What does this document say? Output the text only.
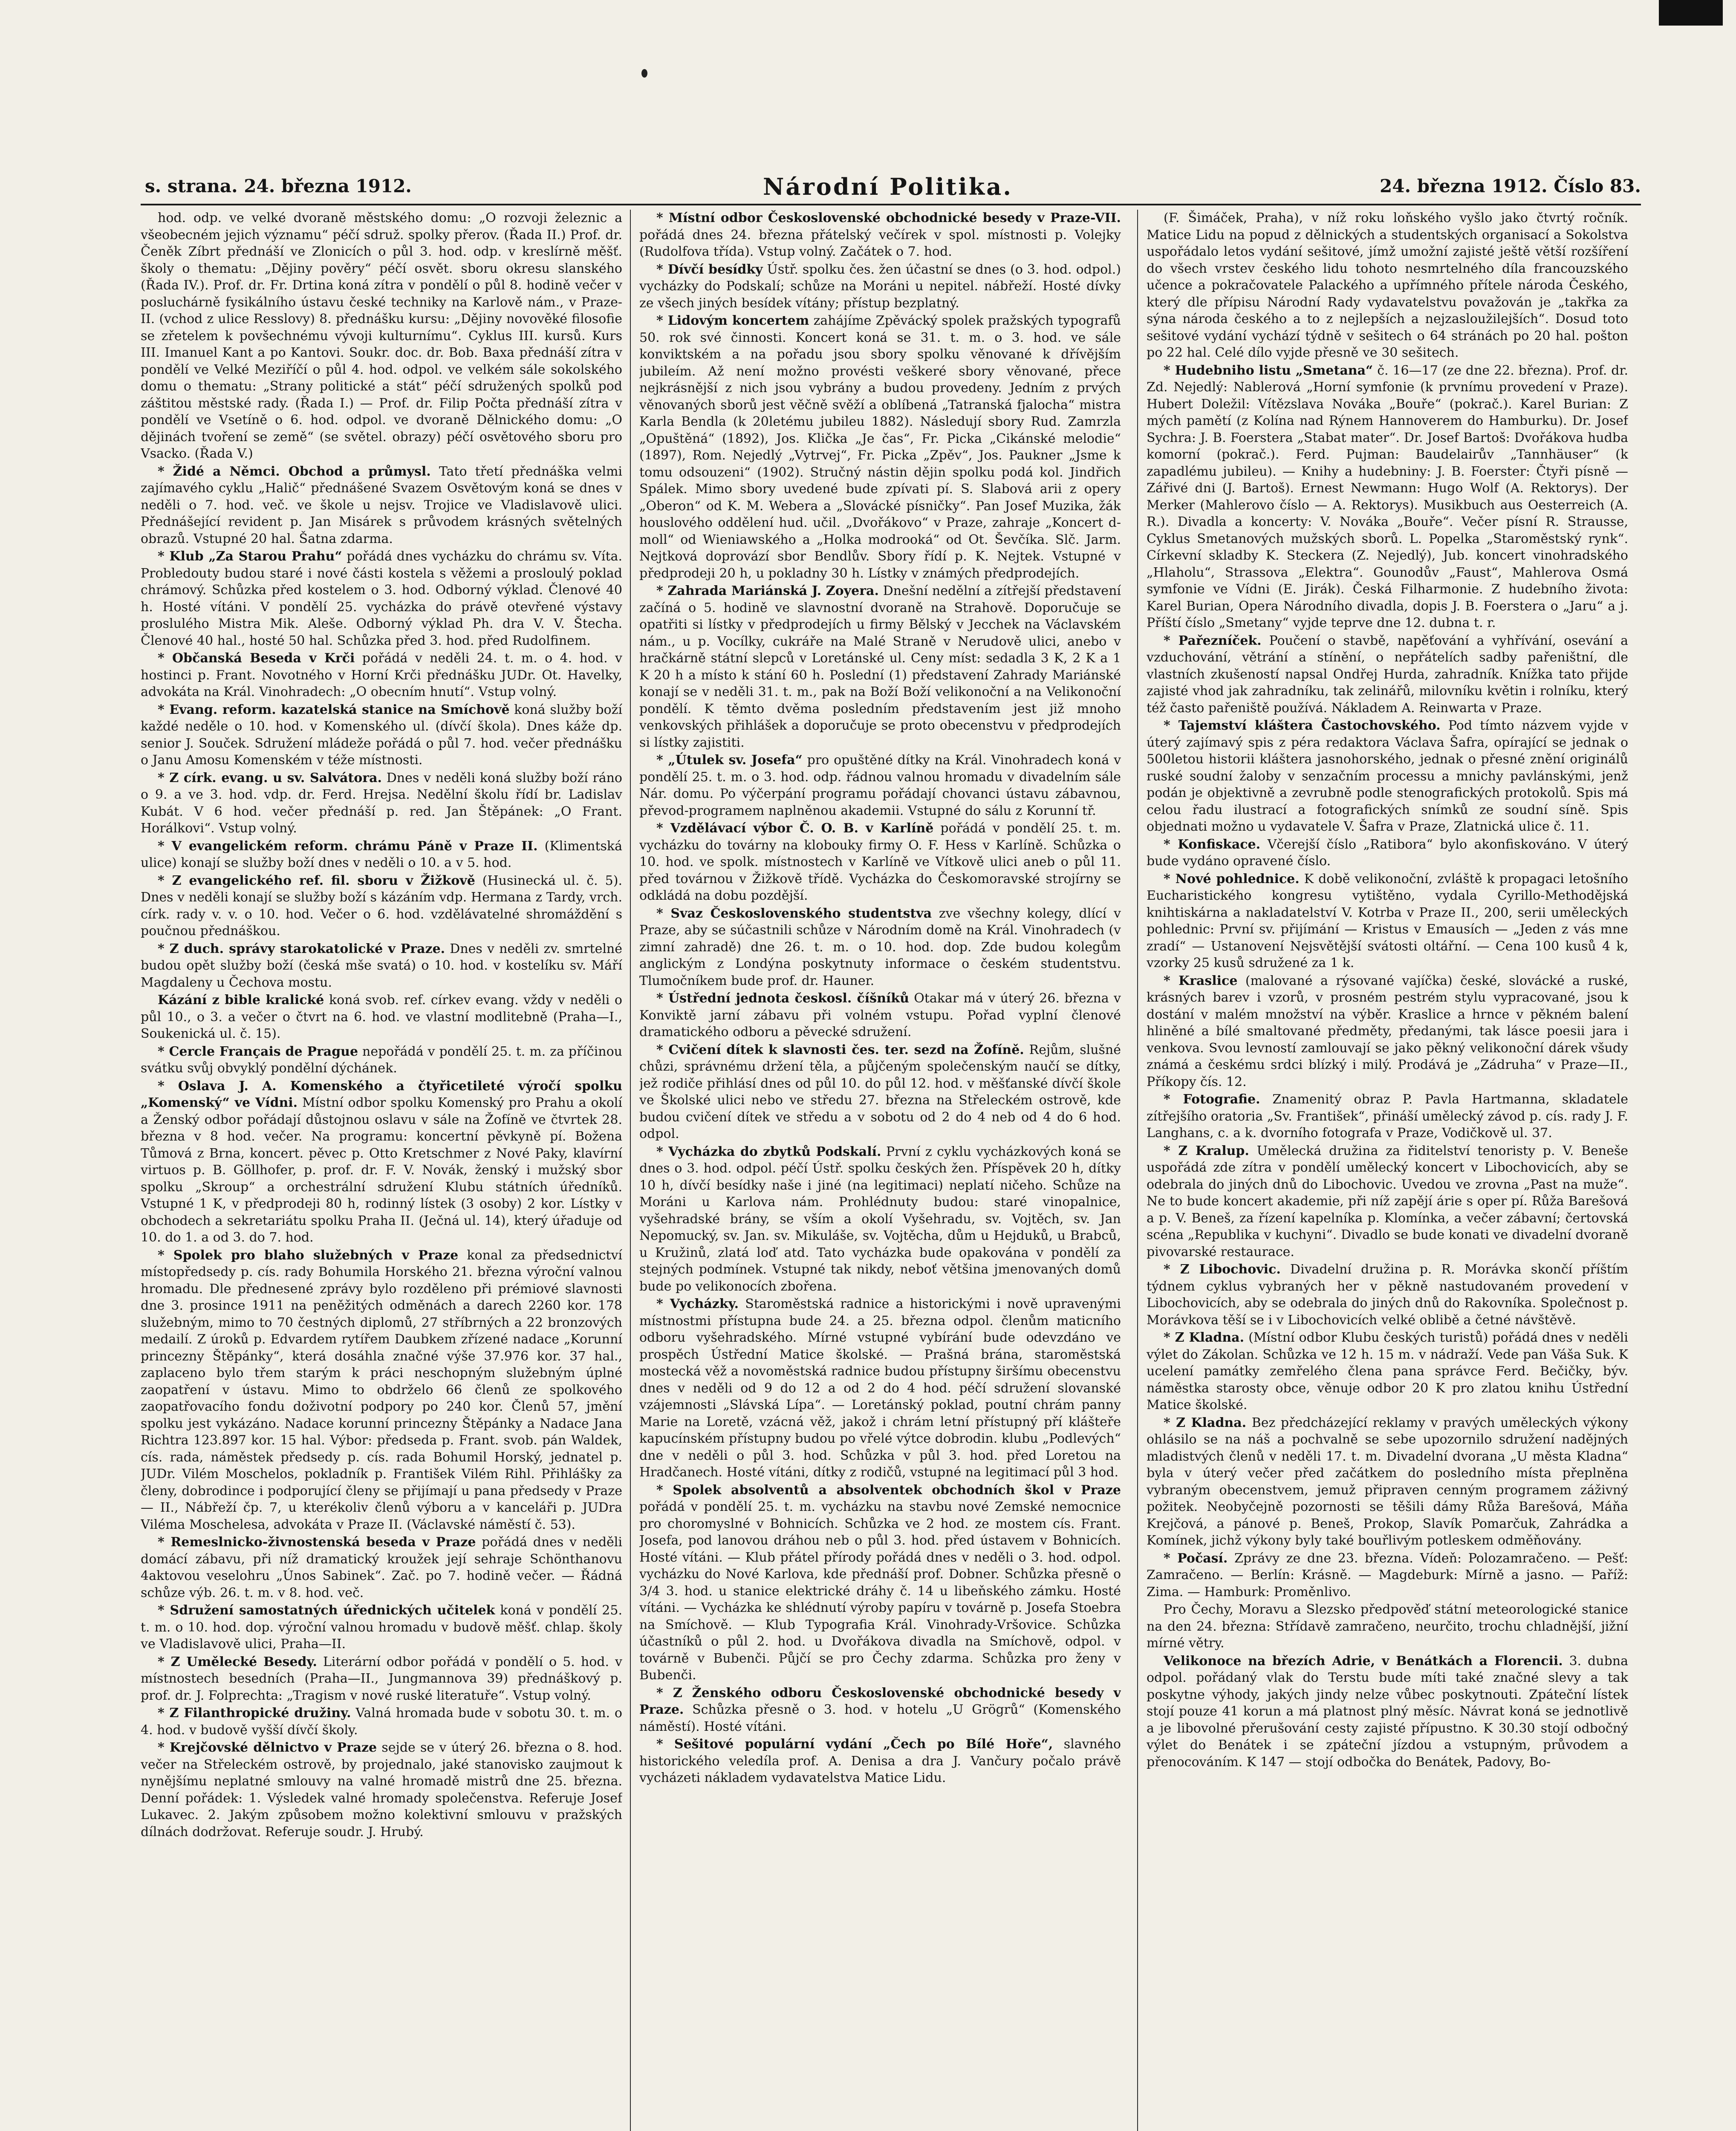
s. strana. 24. března 1912.	Národní Politika.	24. března 1912. Číslo 83.

hod. odp. ve velké dvoraně městského domu: „O rozvoji železnic a všeobecném jejich významu“ péčí sdruž. spolky přerov. (Řada II.) Prof. dr. Čeněk Zíbrt přednáší ve Zlonicích o půl 3. hod. odp. v kreslírně měšť. školy o thematu: „Dějiny pověry“ péčí osvět. sboru okresu slanského (Řada IV.). Prof. dr. Fr. Drtina koná zítra v pondělí o půl 8. hodině večer v posluchárně fysikálního ústavu české techniky na Karlově nám., v Praze-II. (vchod z ulice Resslovy) 8. přednášku kursu: „Dějiny novověké filosofie se zřetelem k povšechnému vývoji kulturnímu“. Cyklus III. kursů. Kurs III. Imanuel Kant a po Kantovi. Soukr. doc. dr. Bob. Baxa přednáší zítra v pondělí ve Velké Meziříčí o půl 4. hod. odpol. ve velkém sále sokolského domu o thematu: „Strany politické a stát“ péčí sdružených spolků pod záštitou městské rady. (Řada I.) — Prof. dr. Filip Počta přednáší zítra v pondělí ve Vsetíně o 6. hod. odpol. ve dvoraně Dělnického domu: „O dějinách tvoření se země“ (se světel. obrazy) péčí osvětového sboru pro Vsacko. (Řada V.)

* Židé a Němci. Obchod a průmysl. Tato třetí přednáška velmi zajímavého cyklu „Halič“ přednášené Svazem Osvětovým koná se dnes v neděli o 7. hod. več. ve škole u nejsv. Trojice ve Vladislavově ulici. Přednášející revident p. Jan Misárek s průvodem krásných světelných obrazů. Vstupné 20 hal. Šatna zdarma.

* Klub „Za Starou Prahu“ pořádá dnes vycházku do chrámu sv. Víta. Probledouty budou staré i nové části kostela s věžemi a prosloulý poklad chrámový. Schůzka před kostelem o 3. hod. Odborný výklad. Členové 40 h. Hosté vítáni. V pondělí 25. vycházka do právě otevřené výstavy proslulého Mistra Mik. Aleše. Odborný výklad Ph. dra V. V. Štecha. Členové 40 hal., hosté 50 hal. Schůzka před 3. hod. před Rudolfinem.

* Občanská Beseda v Krči pořádá v neděli 24. t. m. o 4. hod. v hostinci p. Frant. Novotného v Horní Krči přednášku JUDr. Ot. Havelky, advokáta na Král. Vinohradech: „O obecním hnutí“. Vstup volný.

* Evang. reform. kazatelská stanice na Smíchově koná služby boží každé neděle o 10. hod. v Komenského ul. (dívčí škola). Dnes káže dp. senior J. Souček. Sdružení mládeže pořádá o půl 7. hod. večer přednášku o Janu Amosu Komenském v téže místnosti.

* Z círk. evang. u sv. Salvátora. Dnes v neděli koná služby boží ráno o 9. a ve 3. hod. vdp. dr. Ferd. Hrejsa. Nedělní školu řídí br. Ladislav Kubát. V 6 hod. večer přednáší p. red. Jan Štěpánek: „O Frant. Horálkovi“. Vstup volný.

* V evangelickém reform. chrámu Páně v Praze II. (Klimentská ulice) konají se služby boží dnes v neděli o 10. a v 5. hod.

* Z evangelického ref. fil. sboru v Žižkově (Husinecká ul. č. 5). Dnes v neděli konají se služby boží s kázáním vdp. Hermana z Tardy, vrch. círk. rady v. v. o 10. hod. Večer o 6. hod. vzdělávatelné shromáždění s poučnou přednáškou.

* Z duch. správy starokatolické v Praze. Dnes v neděli zv. smrtelné budou opět služby boží (česká mše svatá) o 10. hod. v kostelíku sv. Máří Magdaleny u Čechova mostu.

Kázání z bible kralické koná svob. ref. církev evang. vždy v neděli o půl 10., o 3. a večer o čtvrt na 6. hod. ve vlastní modlitebně (Praha—I., Soukenická ul. č. 15).

* Cercle Français de Prague nepořádá v pondělí 25. t. m. za příčinou svátku svůj obvyklý pondělní dýchánek.

* Oslava J. A. Komenského a čtyřicetileté výročí spolku „Komenský“ ve Vídni. Místní odbor spolku Komenský pro Prahu a okolí a Ženský odbor pořádají důstojnou oslavu v sále na Žofíně ve čtvrtek 28. března v 8 hod. večer. Na programu: koncertní pěvkyně pí. Božena Tůmová z Brna, koncert. pěvec p. Otto Kretschmer z Nové Paky, klavírní virtuos p. B. Göllhofer, p. prof. dr. F. V. Novák, ženský i mužský sbor spolku „Skroup“ a orchestrální sdružení Klubu státních úředníků. Vstupné 1 K, v předprodeji 80 h, rodinný lístek (3 osoby) 2 kor. Lístky v obchodech a sekretariátu spolku Praha II. (Ječná ul. 14), který úřaduje od 10. do 1. a od 3. do 7. hod.

* Spolek pro blaho služebných v Praze konal za předsednictví místopředsedy p. cís. rady Bohumila Horského 21. března výroční valnou hromadu. Dle přednesené zprávy bylo rozděleno při prémiové slavnosti dne 3. prosince 1911 na peněžitých odměnách a darech 2260 kor. 178 služebným, mimo to 70 čestných diplomů, 27 stříbrných a 22 bronzových medailí. Z úroků p. Edvardem rytířem Daubkem zřízené nadace „Korunní princezny Štěpánky“, která dosáhla značné výše 37.976 kor. 37 hal., zaplaceno bylo třem starým k práci neschopným služebným úplné zaopatření v ústavu. Mimo to obdrželo 66 členů ze spolkového zaopatřovacího fondu doživotní podpory po 240 kor. Členů 57, jmění spolku jest vykázáno. Nadace korunní princezny Štěpánky a Nadace Jana Richtra 123.897 kor. 15 hal. Výbor: předseda p. Frant. svob. pán Waldek, cís. rada, náměstek předsedy p. cís. rada Bohumil Horský, jednatel p. JUDr. Vilém Moschelos, pokladník p. František Vilém Rihl. Přihlášky za členy, dobrodince i podporující členy se přijímají u pana předsedy v Praze — II., Nábřeží čp. 7, u kterékoliv členů výboru a v kanceláři p. JUDra Viléma Moschelesa, advokáta v Praze II. (Václavské náměstí č. 53).

* Remeslnicko-živnostenská beseda v Praze pořádá dnes v neděli domácí zábavu, při níž dramatický kroužek její sehraje Schönthanovu 4aktovou veselohru „Únos Sabinek“. Zač. po 7. hodině večer. — Řádná schůze výb. 26. t. m. v 8. hod. več.

* Sdružení samostatných úřednických učitelek koná v pondělí 25. t. m. o 10. hod. dop. výroční valnou hromadu v budově měšť. chlap. školy ve Vladislavově ulici, Praha—II.

* Z Umělecké Besedy. Literární odbor pořádá v pondělí o 5. hod. v místnostech besedních (Praha—II., Jungmannova 39) přednáškový p. prof. dr. J. Folprechta: „Tragism v nové ruské literatuře“. Vstup volný.

* Z Filanthropické družiny. Valná hromada bude v sobotu 30. t. m. o 4. hod. v budově vyšší dívčí školy.

* Krejčovské dělnictvo v Praze sejde se v úterý 26. března o 8. hod. večer na Střeleckém ostrově, by projednalo, jaké stanovisko zaujmout k nynějšímu neplatné smlouvy na valné hromadě mistrů dne 25. března. Denní pořádek: 1. Výsledek valné hromady společenstva. Referuje Josef Lukavec. 2. Jakým způsobem možno kolektivní smlouvu v pražských dílnách dodržovat. Referuje soudr. J. Hrubý.

* Místní odbor Československé obchodnické besedy v Praze-VII. pořádá dnes 24. března přátelský večírek v spol. místnosti p. Volejky (Rudolfova třída). Vstup volný. Začátek o 7. hod.

* Dívčí besídky Ústř. spolku čes. žen účastní se dnes (o 3. hod. odpol.) vycházky do Podskalí; schůze na Moráni u nepitel. nábřeží. Hosté dívky ze všech jiných besídek vítány; přístup bezplatný.

* Lidovým koncertem zahájíme Zpěvácký spolek pražských typografů 50. rok své činnosti. Koncert koná se 31. t. m. o 3. hod. ve sále konviktském a na pořadu jsou sbory spolku věnované k dřívějším jubileím. Až není možno provésti veškeré sbory věnované, přece nejkrásnější z nich jsou vybrány a budou provedeny. Jedním z prvých věnovaných sborů jest věčně svěží a oblíbená „Tatranská fjalocha“ mistra Karla Bendla (k 20letému jubileu 1882). Následují sbory Rud. Zamrzla „Opuštěná“ (1892), Jos. Klička „Je čas“, Fr. Picka „Cikánské melodie“ (1897), Rom. Nejedlý „Vytrvej“, Fr. Picka „Zpěv“, Jos. Paukner „Jsme k tomu odsouzeni“ (1902). Stručný nástin dějin spolku podá kol. Jindřich Spálek. Mimo sbory uvedené bude zpívati pí. S. Slabová arii z opery „Oberon“ od K. M. Webera a „Slovácké písničky“. Pan Josef Muzika, žák houslového oddělení hud. učil. „Dvořákovo“ v Praze, zahraje „Koncert d-moll“ od Wieniawského a „Holka modrooká“ od Ot. Ševčíka. Slč. Jarm. Nejtková doprovází sbor Bendlův. Sbory řídí p. K. Nejtek. Vstupné v předprodeji 20 h, u pokladny 30 h. Lístky v známých předprodejích.

* Zahrada Mariánská J. Zoyera. Dnešní nedělní a zítřejší představení začíná o 5. hodině ve slavnostní dvoraně na Strahově. Doporučuje se opatřiti si lístky v předprodejích u firmy Bělský v Jecchek na Václavském nám., u p. Vocílky, cukráře na Malé Straně v Nerudově ulici, anebo v hračkárně státní slepců v Loretánské ul. Ceny míst: sedadla 3 K, 2 K a 1 K 20 h a místo k stání 60 h. Poslední (1) představení Zahrady Mariánské konají se v neděli 31. t. m., pak na Boží Boží velikonoční a na Velikonoční pondělí. K těmto dvěma posledním představením jest již mnoho venkovských přihlášek a doporučuje se proto obecenstvu v předprodejích si lístky zajistiti.

* „Útulek sv. Josefa“ pro opuštěné dítky na Král. Vinohradech koná v pondělí 25. t. m. o 3. hod. odp. řádnou valnou hromadu v divadelním sále Nár. domu. Po výčerpání programu pořádají chovanci ústavu zábavnou, převod-programem naplněnou akademii. Vstupné do sálu z Korunní tř.

* Vzdělávací výbor Č. O. B. v Karlíně pořádá v pondělí 25. t. m. vycházku do továrny na klobouky firmy O. F. Hess v Karlíně. Schůzka o 10. hod. ve spolk. místnostech v Karlíně ve Vítkově ulici aneb o půl 11. před továrnou v Žižkově třídě. Vycházka do Českomoravské strojírny se odkládá na dobu pozdější.

* Svaz Československého studentstva zve všechny kolegy, dlící v Praze, aby se súčastnili schůze v Národním domě na Král. Vinohradech (v zimní zahradě) dne 26. t. m. o 10. hod. dop. Zde budou kolegům anglickým z Londýna poskytnuty informace o českém studentstvu. Tlumočníkem bude prof. dr. Hauner.

* Ústřední jednota českosl. číšníků Otakar má v úterý 26. března v Konviktě jarní zábavu při volném vstupu. Pořad vyplní členové dramatického odboru a pěvecké sdružení.

* Cvičení dítek k slavnosti čes. ter. sezd na Žofíně. Rejům, slušné chůzi, správnému držení těla, a půjčeným společenským naučí se dítky, jež rodiče přihlásí dnes od půl 10. do půl 12. hod. v měšťanské dívčí škole ve Školské ulici nebo ve středu 27. března na Střeleckém ostrově, kde budou cvičení dítek ve středu a v sobotu od 2 do 4 neb od 4 do 6 hod. odpol.

* Vycházka do zbytků Podskalí. První z cyklu vycházkových koná se dnes o 3. hod. odpol. péčí Ústř. spolku českých žen. Příspěvek 20 h, dítky 10 h, dívčí besídky naše i jiné (na legitimaci) neplatí ničeho. Schůze na Moráni u Karlova nám. Prohlédnuty budou: staré vinopalnice, vyšehradské brány, se vším a okolí Vyšehradu, sv. Vojtěch, sv. Jan Nepomucký, sv. Jan. sv. Mikuláše, sv. Vojtěcha, dům u Hejduků, u Brabců, u Kružinů, zlatá loď atd. Tato vycházka bude opakována v pondělí za stejných podmínek. Vstupné tak nikdy, neboť většina jmenovaných domů bude po velikonocích zbořena.

* Vycházky. Staroměstská radnice a historickými i nově upravenými místnostmi přístupna bude 24. a 25. března odpol. členům maticního odboru vyšehradského. Mírné vstupné vybírání bude odevzdáno ve prospěch Ústřední Matice školské. — Prašná brána, staroměstská mostecká věž a novoměstská radnice budou přístupny širšímu obecenstvu dnes v neděli od 9 do 12 a od 2 do 4 hod. péčí sdružení slovanské vzájemnosti „Slávská Lípa“. — Loretánský poklad, poutní chrám panny Marie na Loretě, vzácná věž, jakož i chrám letní přístupný pří klášteře kapucínském přístupny budou po vřelé výtce dobrodin. klubu „Podlevých“ dne v neděli o půl 3. hod. Schůzka v půl 3. hod. před Loretou na Hradčanech. Hosté vítáni, dítky z rodičů, vstupné na legitimací půl 3 hod.

* Spolek absolventů a absolventek obchodních škol v Praze pořádá v pondělí 25. t. m. vycházku na stavbu nové Zemské nemocnice pro choromyslné v Bohnicích. Schůzka ve 2 hod. ze mostem cís. Frant. Josefa, pod lanovou dráhou neb o půl 3. hod. před ústavem v Bohnicích. Hosté vítáni. — Klub přátel přírody pořádá dnes v neděli o 3. hod. odpol. vycházku do Nové Karlova, kde přednáší prof. Dobner. Schůzka přesně o 3/4 3. hod. u stanice elektrické dráhy č. 14 u libeňského zámku. Hosté vítáni. — Vycházka ke shlédnutí výroby papíru v továrně p. Josefa Stoebra na Smíchově. — Klub Typografia Král. Vinohrady-Vršovice. Schůzka účastníků o půl 2. hod. u Dvořákova divadla na Smíchově, odpol. v továrně v Bubenči. Půjčí se pro Čechy zdarma. Schůzka pro ženy v Bubenči.

* Z Ženského odboru Československé obchodnické besedy v Praze. Schůzka přesně o 3. hod. v hotelu „U Grögrů“ (Komenského náměstí). Hosté vítáni.

* Sešitové populární vydání „Čech po Bílé Hoře“, slavného historického veledíla prof. A. Denisa a dra J. Vančury počalo právě vycházeti nákladem vydavatelstva Matice Lidu.

(F. Šimáček, Praha), v níž roku loňského vyšlo jako čtvrtý ročník. Matice Lidu na popud z dělnických a studentských organisací a Sokolstva uspořádalo letos vydání sešitové, jímž umožní zajisté ještě větší rozšíření do všech vrstev českého lidu tohoto nesmrtelného díla francouzského učence a pokračovatele Palackého a upřímného přítele národa Českého, který dle přípisu Národní Rady vydavatelstvu považován je „takřka za sýna národa českého a to z nejlepších a nejzasloužilejších“. Dosud toto sešitové vydání vychází týdně v sešitech o 64 stránách po 20 hal. pošton po 22 hal. Celé dílo vyjde přesně ve 30 sešitech.

* Hudebniho listu „Smetana“ č. 16—17 (ze dne 22. března). Prof. dr. Zd. Nejedlý: Nablerová „Horní symfonie (k prvnímu provedení v Praze). Hubert Doležil: Vítězslava Nováka „Bouře“ (pokrač.). Karel Burian: Z mých pamětí (z Kolína nad Rýnem Hannoverem do Hamburku). Dr. Josef Sychra: J. B. Foerstera „Stabat mater“. Dr. Josef Bartoš: Dvořákova hudba komorní (pokrač.). Ferd. Pujman: Baudelairův „Tannhäuser“ (k zapadlému jubileu). — Knihy a hudebniny: J. B. Foerster: Čtyři písně — Zářivé dni (J. Bartoš). Ernest Newmann: Hugo Wolf (A. Rektorys). Der Merker (Mahlerovo číslo — A. Rektorys). Musikbuch aus Oesterreich (A. R.). Divadla a koncerty: V. Nováka „Bouře“. Večer písní R. Strausse, Cyklus Smetanových mužských sborů. L. Popelka „Staroměstský rynk“. Církevní skladby K. Steckera (Z. Nejedlý), Jub. koncert vinohradského „Hlaholu“, Strassova „Elektra“. Gounodův „Faust“, Mahlerova Osmá symfonie ve Vídni (E. Jirák). Česká Filharmonie. Z hudebního života: Karel Burian, Opera Národního divadla, dopis J. B. Foerstera o „Jaru“ a j. Příští číslo „Smetany“ vyjde teprve dne 12. dubna t. r.

* Pařezníček. Poučení o stavbě, napěťování a vyhřívání, osevání a vzduchování, větrání a stínění, o nepřátelích sadby pařeništní, dle vlastních zkušeností napsal Ondřej Hurda, zahradník. Knížka tato přijde zajisté vhod jak zahradníku, tak zelinářů, milovníku květin i rolníku, který též často pařeniště používá. Nákladem A. Reinwarta v Praze.

* Tajemství kláštera Častochovského. Pod tímto názvem vyjde v úterý zajímavý spis z péra redaktora Václava Šafra, opírající se jednak o 500letou historii kláštera jasnohorského, jednak o přesné znění originálů ruské soudní žaloby v senzačním processu a mnichy pavlánskými, jenž podán je objektivně a zevrubně podle stenografických protokolů. Spis má celou řadu ilustrací a fotografických snímků ze soudní síně. Spis objednati možno u vydavatele V. Šafra v Praze, Zlatnická ulice č. 11.

* Konfiskace. Včerejší číslo „Ratibora“ bylo akonfiskováno. V úterý bude vydáno opravené číslo.

* Nové pohlednice. K době velikonoční, zvláště k propagaci letošního Eucharistického kongresu vytištěno, vydala Cyrillo-Methodějská knihtiskárna a nakladatelství V. Kotrba v Praze II., 200, serii uměleckých pohlednic: První sv. přijímání — Kristus v Emausích — „Jeden z vás mne zradí“ — Ustanovení Nejsvětější svátosti oltářní. — Cena 100 kusů 4 k, vzorky 25 kusů sdružené za 1 k.

* Kraslice (malované a rýsované vajíčka) české, slovácké a ruské, krásných barev i vzorů, v prosném pestrém stylu vypracované, jsou k dostání v malém množství na výběr. Kraslice a hrnce v pěkném balení hliněné a bílé smaltované předměty, předanými, tak lásce poesii jara i venkova. Svou levností zamlouvají se jako pěkný velikonoční dárek všudy známá a českému srdci blízký i milý. Prodává je „Zádruha“ v Praze—II., Příkopy čís. 12.

* Fotografie. Znamenitý obraz P. Pavla Hartmanna, skladatele zítřejšího oratoria „Sv. František“, přináší umělecký závod p. cís. rady J. F. Langhans, c. a k. dvorního fotografa v Praze, Vodičkově ul. 37.

* Z Kralup. Umělecká družina za řiditelství tenoristy p. V. Beneše uspořádá zde zítra v pondělí umělecký koncert v Libochovicích, aby se odebrala do jiných dnů do Libochovic. Uvedou ve zrovna „Past na muže“. Ne to bude koncert akademie, při níž zapějí árie s oper pí. Růža Barešová a p. V. Beneš, za řízení kapelníka p. Klomínka, a večer zábavní; čertovská scéna „Republika v kuchyni“. Divadlo se bude konati ve divadelní dvoraně pivovarské restaurace.

* Z Libochovic. Divadelní družina p. R. Morávka skončí příštím týdnem cyklus vybraných her v pěkně nastudovaném provedení v Libochovicích, aby se odebrala do jiných dnů do Rakovníka. Společnost p. Morávkova těší se i v Libochovicích velké oblibě a četné návštěvě.

* Z Kladna. (Místní odbor Klubu českých turistů) pořádá dnes v neděli výlet do Zákolan. Schůzka ve 12 h. 15 m. v nádraží. Vede pan Váša Suk. K ucelení památky zemřelého člena pana správce Ferd. Bečičky, býv. náměstka starosty obce, věnuje odbor 20 K pro zlatou knihu Ústřední Matice školské.

* Z Kladna. Bez předcházející reklamy v pravých uměleckých výkony ohlásilo se na náš a pochvalně se sebe upozornilo sdružení nadějných mladistvých členů v neděli 17. t. m. Divadelní dvorana „U města Kladna“ byla v úterý večer před začátkem do posledního místa přeplněna vybraným obecenstvem, jemuž připraven cenným programem záživný požitek. Neobyčejně pozornosti se těšili dámy Růža Barešová, Máňa Krejčová, a pánové p. Beneš, Prokop, Slavík Pomarčuk, Zahrádka a Komínek, jichž výkony byly také bouřlivým potleskem odměňovány.

* Počasí. Zprávy ze dne 23. března. Vídeň: Polozamračeno. — Pešť: Zamračeno. — Berlín: Krásně. — Magdeburk: Mírně a jasno. — Paříž: Zima. — Hamburk: Proměnlivo.

Pro Čechy, Moravu a Slezsko předpověď státní meteorologické stanice na den 24. března: Střídavě zamračeno, neurčito, trochu chladnější, jižní mírné větry.

Velikonoce na březích Adrie, v Benátkách a Florencii. 3. dubna odpol. pořádaný vlak do Terstu bude míti také značné slevy a tak poskytne výhody, jakých jindy nelze vůbec poskytnouti. Zpáteční lístek stojí pouze 41 korun a má platnost plný měsíc. Návrat koná se jednotlivě a je libovolné přerušování cesty zajisté přípustno. K 30.30 stojí odbočný výlet do Benátek i se zpáteční jízdou a vstupným, průvodem a přenocováním. K 147 — stojí odbočka do Benátek, Padovy, Bo-
